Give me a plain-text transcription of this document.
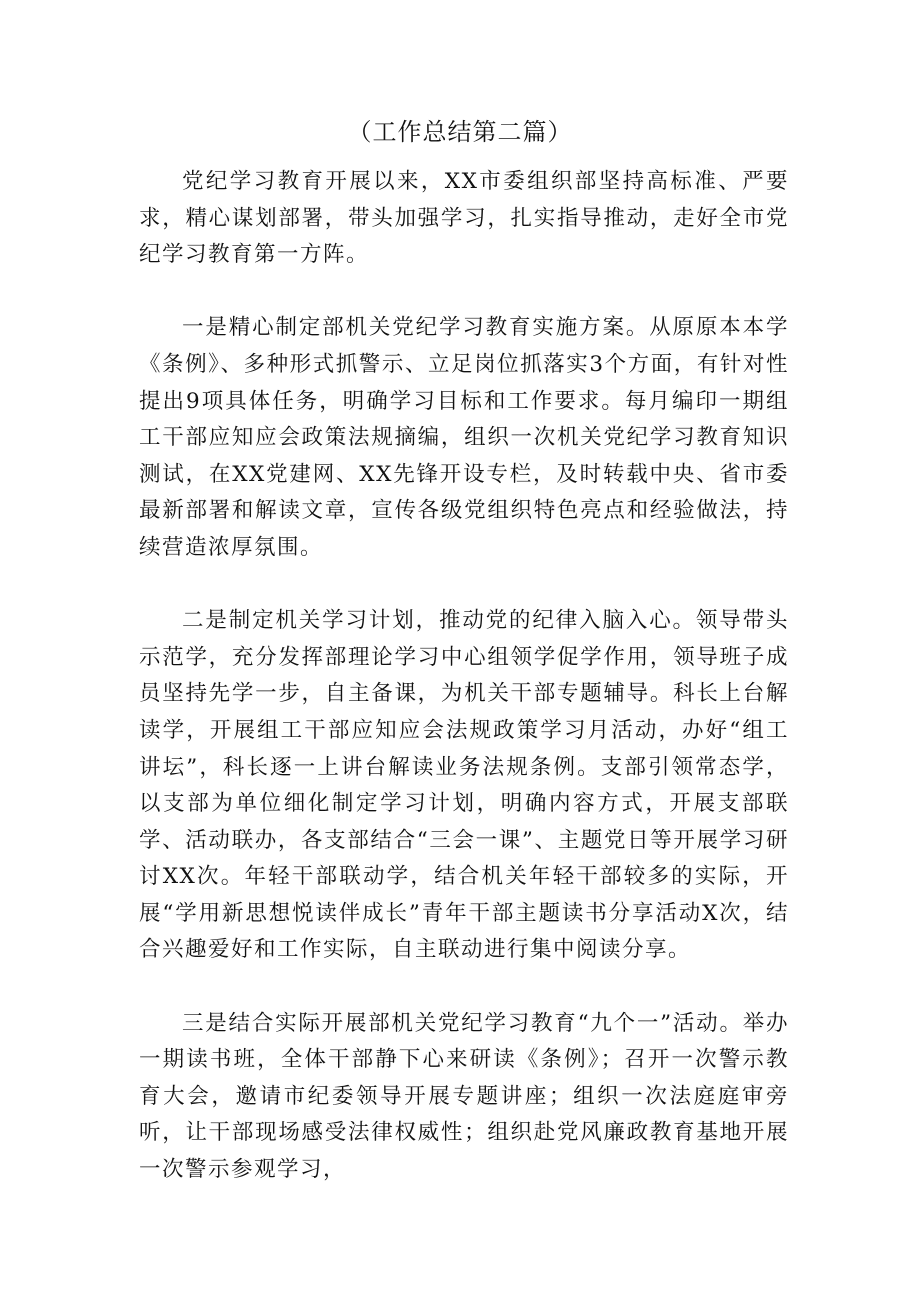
（工作总结第二篇）

党纪学习教育开展以来，XX市委组织部坚持高标准、严要求，精心谋划部署，带头加强学习，扎实指导推动，走好全市党纪学习教育第一方阵。

一是精心制定部机关党纪学习教育实施方案。从原原本本学《条例》、多种形式抓警示、立足岗位抓落实3个方面，有针对性提出9项具体任务，明确学习目标和工作要求。每月编印一期组工干部应知应会政策法规摘编，组织一次机关党纪学习教育知识测试，在XX党建网、XX先锋开设专栏，及时转载中央、省市委最新部署和解读文章，宣传各级党组织特色亮点和经验做法，持续营造浓厚氛围。

二是制定机关学习计划，推动党的纪律入脑入心。领导带头示范学，充分发挥部理论学习中心组领学促学作用，领导班子成员坚持先学一步，自主备课，为机关干部专题辅导。科长上台解读学，开展组工干部应知应会法规政策学习月活动，办好“组工讲坛”，科长逐一上讲台解读业务法规条例。支部引领常态学，以支部为单位细化制定学习计划，明确内容方式，开展支部联学、活动联办，各支部结合“三会一课”、主题党日等开展学习研讨XX次。年轻干部联动学，结合机关年轻干部较多的实际，开展“学用新思想悦读伴成长”青年干部主题读书分享活动X次，结合兴趣爱好和工作实际，自主联动进行集中阅读分享。

三是结合实际开展部机关党纪学习教育“九个一”活动。举办一期读书班，全体干部静下心来研读《条例》；召开一次警示教育大会，邀请市纪委领导开展专题讲座；组织一次法庭庭审旁听，让干部现场感受法律权威性；组织赴党风廉政教育基地开展一次警示参观学习，
